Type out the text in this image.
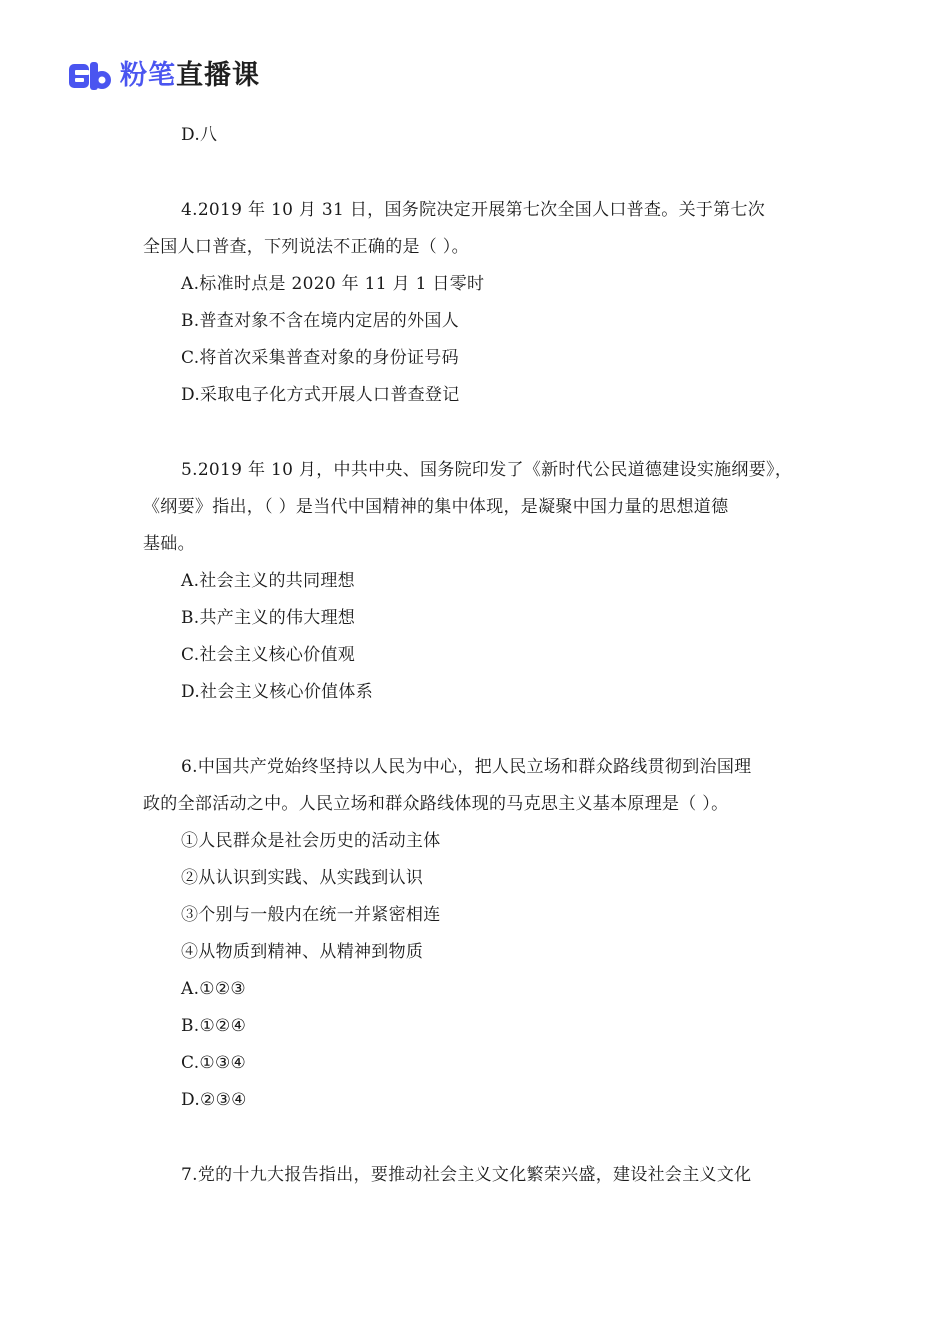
粉笔直播课
D.八
4.2019 年 10 月 31 日，国务院决定开展第七次全国人口普查。关于第七次
全国人口普查，下列说法不正确的是（ ）。
A.标准时点是 2020 年 11 月 1 日零时
B.普查对象不含在境内定居的外国人
C.将首次采集普查对象的身份证号码
D.采取电子化方式开展人口普查登记
5.2019 年 10 月，中共中央、国务院印发了《新时代公民道德建设实施纲要》，
《纲要》指出，（ ）是当代中国精神的集中体现，是凝聚中国力量的思想道德
基础。
A.社会主义的共同理想
B.共产主义的伟大理想
C.社会主义核心价值观
D.社会主义核心价值体系
6.中国共产党始终坚持以人民为中心，把人民立场和群众路线贯彻到治国理
政的全部活动之中。人民立场和群众路线体现的马克思主义基本原理是（ ）。
①人民群众是社会历史的活动主体
②从认识到实践、从实践到认识
③个别与一般内在统一并紧密相连
④从物质到精神、从精神到物质
A.①②③
B.①②④
C.①③④
D.②③④
7.党的十九大报告指出，要推动社会主义文化繁荣兴盛，建设社会主义文化
